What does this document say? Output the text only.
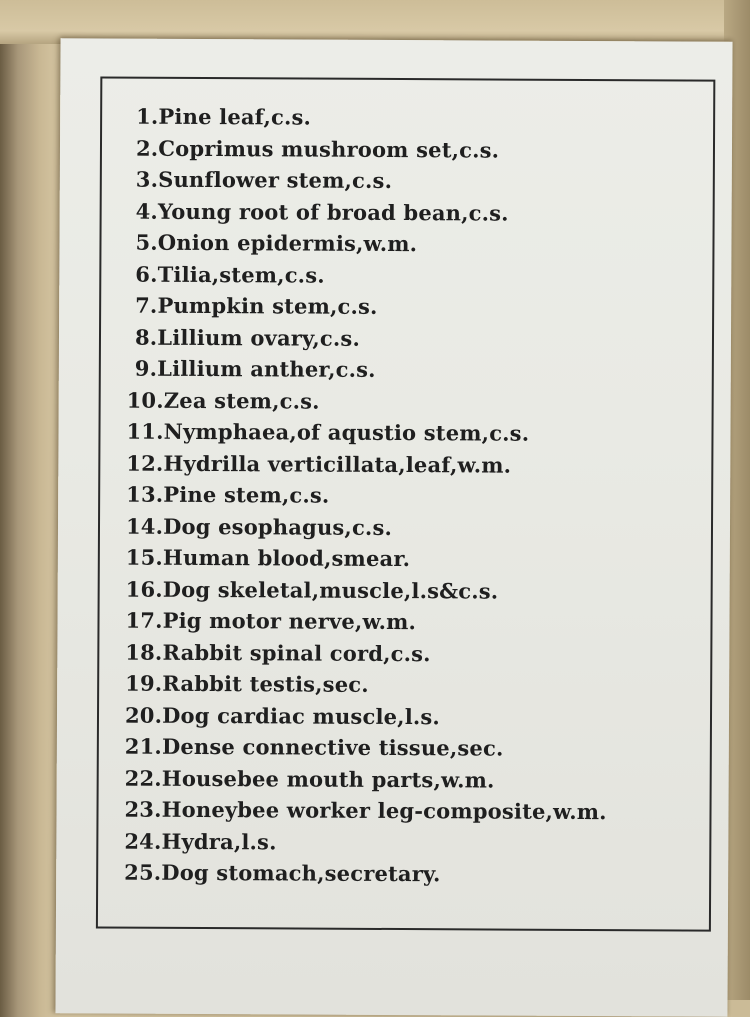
1.Pine leaf,c.s.
2.Coprimus mushroom set,c.s.
3.Sunflower stem,c.s.
4.Young root of broad bean,c.s.
5.Onion epidermis,w.m.
6.Tilia,stem,c.s.
7.Pumpkin stem,c.s.
8.Lillium ovary,c.s.
9.Lillium anther,c.s.
10.Zea stem,c.s.
11.Nymphaea,of aqustio stem,c.s.
12.Hydrilla verticillata,leaf,w.m.
13.Pine stem,c.s.
14.Dog esophagus,c.s.
15.Human blood,smear.
16.Dog skeletal,muscle,l.s&c.s.
17.Pig motor nerve,w.m.
18.Rabbit spinal cord,c.s.
19.Rabbit testis,sec.
20.Dog cardiac muscle,l.s.
21.Dense connective tissue,sec.
22.Housebee mouth parts,w.m.
23.Honeybee worker leg-composite,w.m.
24.Hydra,l.s.
25.Dog stomach,secretary.
